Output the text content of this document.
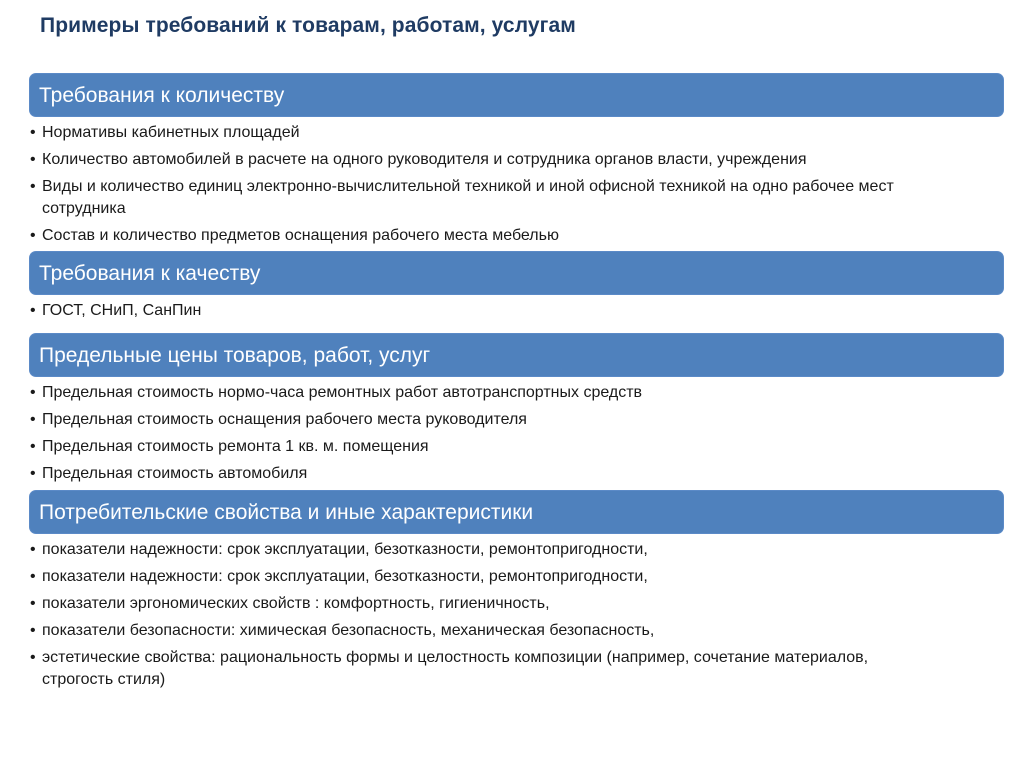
Примеры требований к товарам, работам, услугам
Требования к количеству
• Нормативы кабинетных площадей
• Количество автомобилей в расчете на одного руководителя и сотрудника органов власти, учреждения
• Виды и количество единиц электронно-вычислительной техникой и иной офисной техникой на одно рабочее мест сотрудника
• Состав и количество предметов оснащения рабочего места мебелью
Требования к качеству
• ГОСТ, СНиП, СанПин
Предельные цены товаров, работ, услуг
• Предельная стоимость нормо-часа ремонтных работ автотранспортных средств
• Предельная стоимость оснащения рабочего места руководителя
• Предельная стоимость ремонта 1 кв. м. помещения
• Предельная стоимость автомобиля
Потребительские свойства и иные характеристики
• показатели надежности: срок эксплуатации, безотказности, ремонтопригодности,
• показатели надежности: срок эксплуатации, безотказности, ремонтопригодности,
• показатели эргономических свойств : комфортность, гигиеничность,
• показатели безопасности: химическая безопасность, механическая безопасность,
• эстетические свойства: рациональность формы и целостность композиции (например, сочетание материалов, строгость стиля)
